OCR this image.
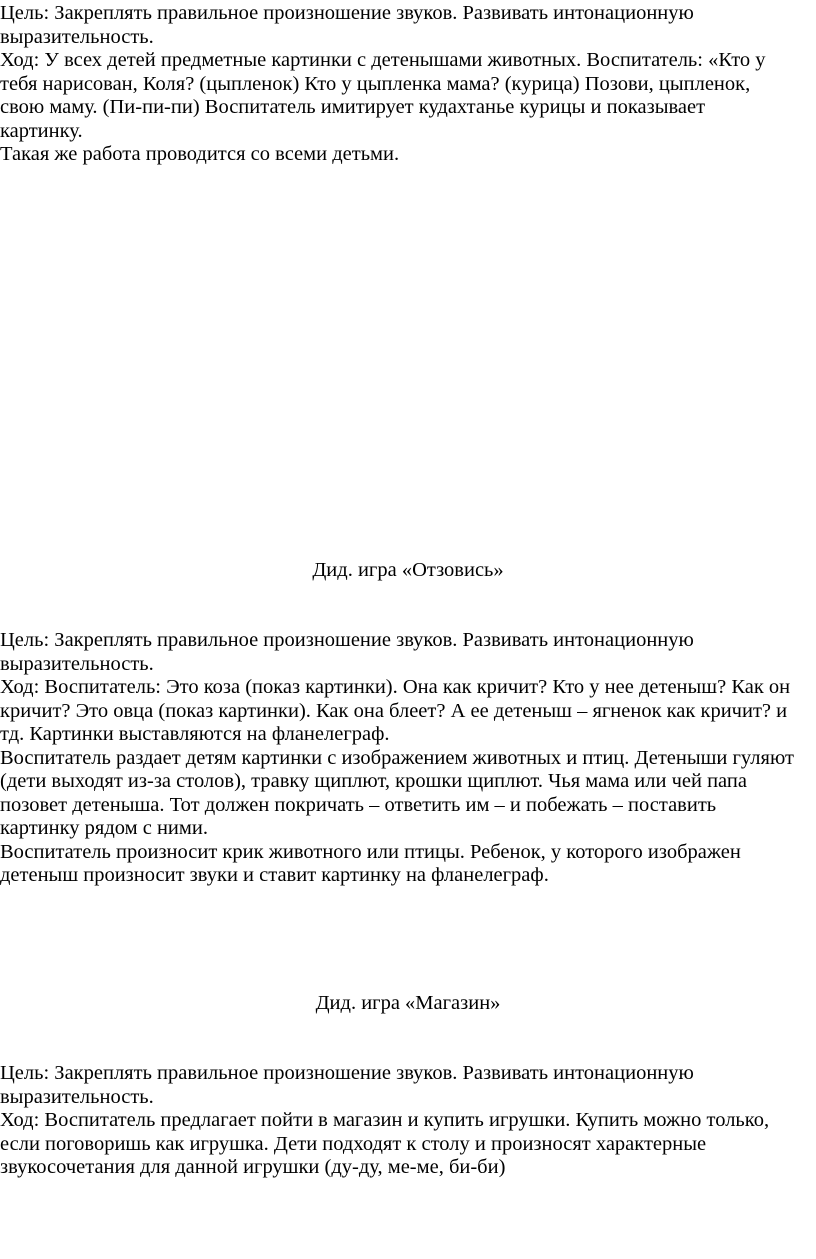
Цель: Закреплять правильное произношение звуков. Развивать интонационную
выразительность.
Ход: У всех детей предметные картинки с детенышами животных. Воспитатель: «Кто у
тебя нарисован, Коля? (цыпленок) Кто у цыпленка мама? (курица) Позови, цыпленок,
свою маму. (Пи-пи-пи) Воспитатель имитирует кудахтанье курицы и показывает
картинку.
Такая же работа проводится со всеми детьми.
Дид. игра «Отзовись»
Цель: Закреплять правильное произношение звуков. Развивать интонационную
выразительность.
Ход: Воспитатель: Это коза (показ картинки). Она как кричит? Кто у нее детеныш? Как он
кричит? Это овца (показ картинки). Как она блеет? А ее детеныш – ягненок как кричит? и
тд. Картинки выставляются на фланелеграф.
Воспитатель раздает детям картинки с изображением животных и птиц. Детеныши гуляют
(дети выходят из-за столов), травку щиплют, крошки щиплют. Чья мама или чей папа
позовет детеныша. Тот должен покричать – ответить им – и побежать – поставить
картинку рядом с ними.
Воспитатель произносит крик животного или птицы. Ребенок, у которого изображен
детеныш произносит звуки и ставит картинку на фланелеграф.
Дид. игра «Магазин»
Цель: Закреплять правильное произношение звуков. Развивать интонационную
выразительность.
Ход: Воспитатель предлагает пойти в магазин и купить игрушки. Купить можно только,
если поговоришь как игрушка. Дети подходят к столу и произносят характерные
звукосочетания для данной игрушки (ду-ду, ме-ме, би-би)
